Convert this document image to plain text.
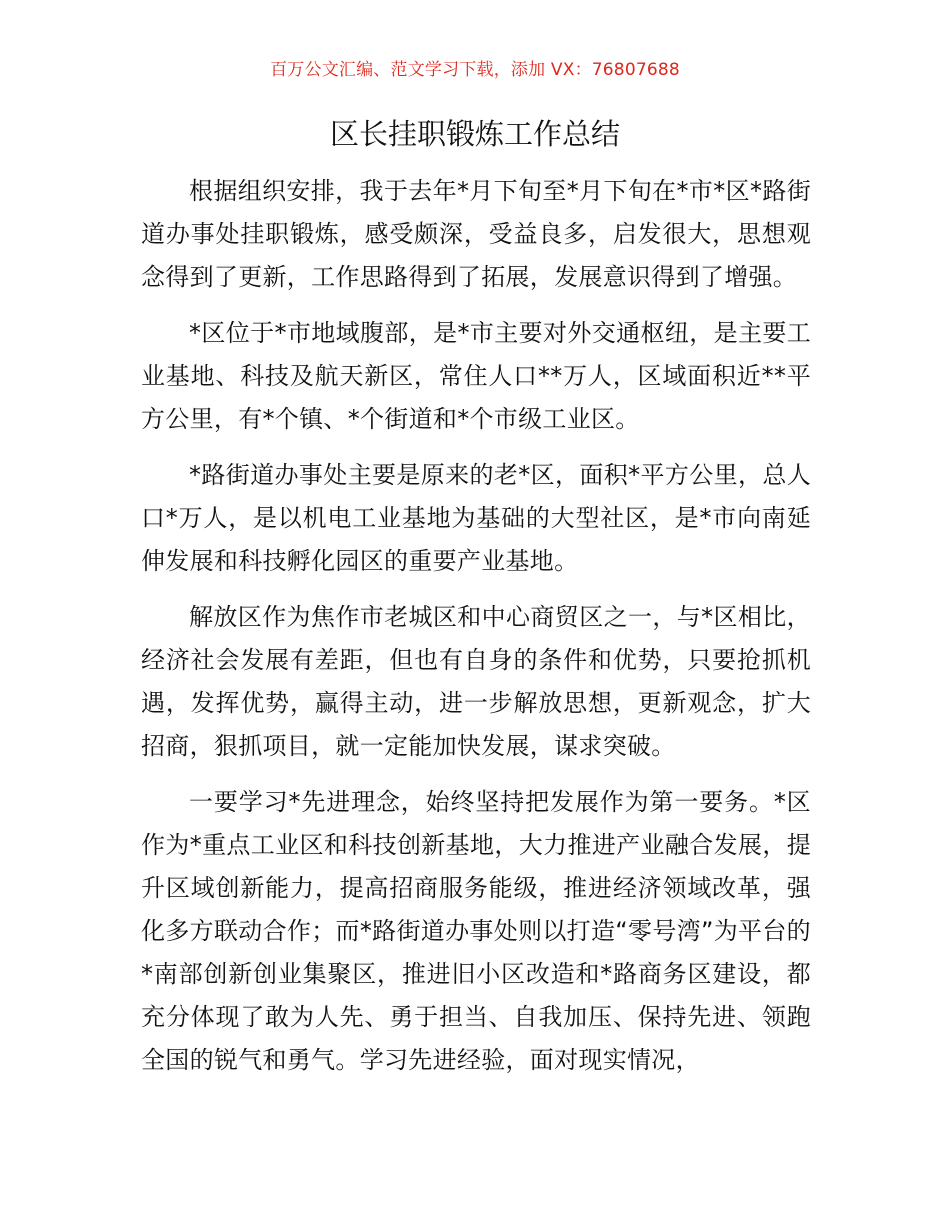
百万公文汇编、范文学习下载，添加 VX：76807688
区长挂职锻炼工作总结

根据组织安排，我于去年*月下旬至*月下旬在*市*区*路街道办事处挂职锻炼，感受颇深，受益良多，启发很大，思想观念得到了更新，工作思路得到了拓展，发展意识得到了增强。

*区位于*市地域腹部，是*市主要对外交通枢纽，是主要工业基地、科技及航天新区，常住人口**万人，区域面积近**平方公里，有*个镇、*个街道和*个市级工业区。

*路街道办事处主要是原来的老*区，面积*平方公里，总人口*万人，是以机电工业基地为基础的大型社区，是*市向南延伸发展和科技孵化园区的重要产业基地。

解放区作为焦作市老城区和中心商贸区之一，与*区相比，经济社会发展有差距，但也有自身的条件和优势，只要抢抓机遇，发挥优势，赢得主动，进一步解放思想，更新观念，扩大招商，狠抓项目，就一定能加快发展，谋求突破。

一要学习*先进理念，始终坚持把发展作为第一要务。*区作为*重点工业区和科技创新基地，大力推进产业融合发展，提升区域创新能力，提高招商服务能级，推进经济领域改革，强化多方联动合作；而*路街道办事处则以打造“零号湾”为平台的*南部创新创业集聚区，推进旧小区改造和*路商务区建设，都充分体现了敢为人先、勇于担当、自我加压、保持先进、领跑全国的锐气和勇气。学习先进经验，面对现实情况，
